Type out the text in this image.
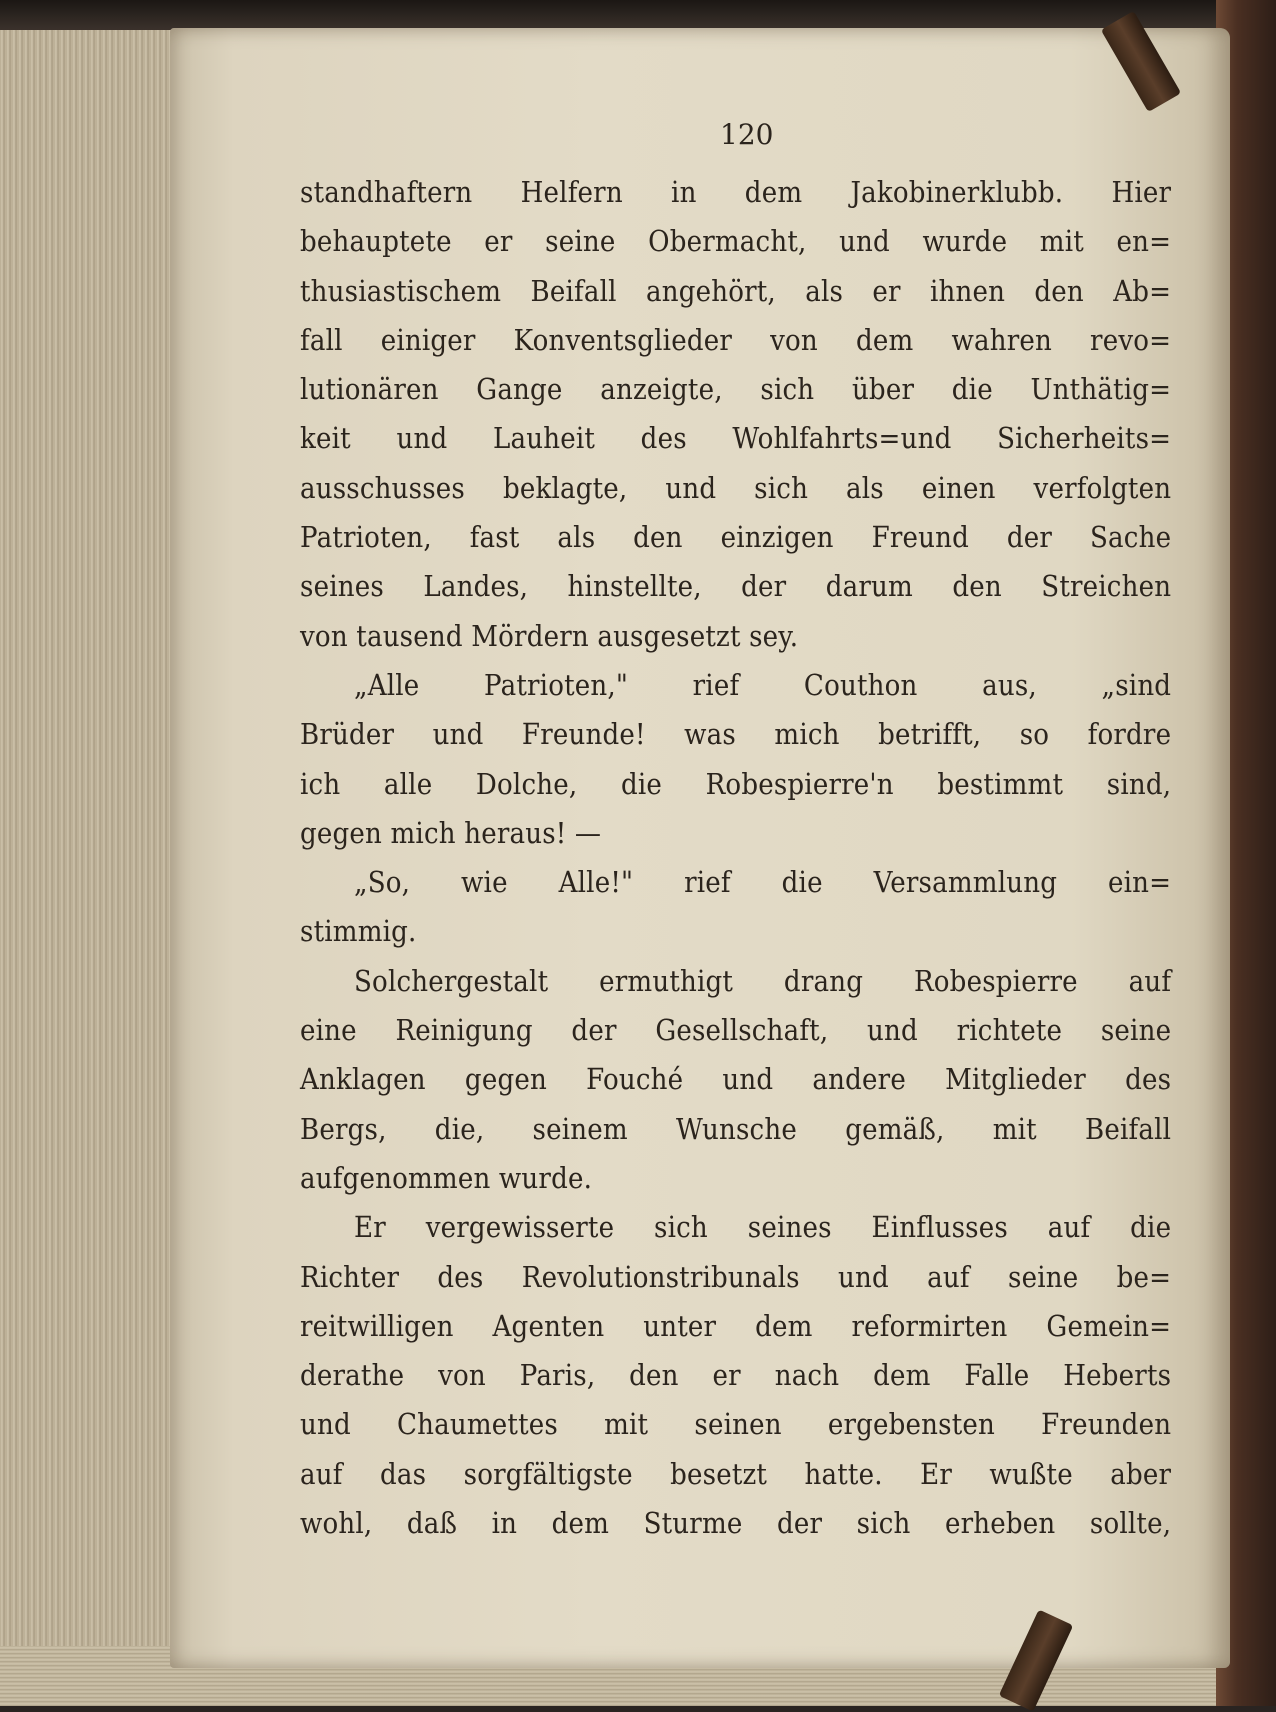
120
standhaftern Helfern in dem Jakobinerklubb. Hier
behauptete er seine Obermacht, und wurde mit en=
thusiastischem Beifall angehört, als er ihnen den Ab=
fall einiger Konventsglieder von dem wahren revo=
lutionären Gange anzeigte, sich über die Unthätig=
keit und Lauheit des Wohlfahrts=und Sicherheits=
ausschusses beklagte, und sich als einen verfolgten
Patrioten, fast als den einzigen Freund der Sache
seines Landes, hinstellte, der darum den Streichen
von tausend Mördern ausgesetzt sey.
„Alle Patrioten," rief Couthon aus, „sind
Brüder und Freunde! was mich betrifft, so fordre
ich alle Dolche, die Robespierre'n bestimmt sind,
gegen mich heraus! —
„So, wie Alle!" rief die Versammlung ein=
stimmig.
Solchergestalt ermuthigt drang Robespierre auf
eine Reinigung der Gesellschaft, und richtete seine
Anklagen gegen Fouché und andere Mitglieder des
Bergs, die, seinem Wunsche gemäß, mit Beifall
aufgenommen wurde.
Er vergewisserte sich seines Einflusses auf die
Richter des Revolutionstribunals und auf seine be=
reitwilligen Agenten unter dem reformirten Gemein=
derathe von Paris, den er nach dem Falle Heberts
und Chaumettes mit seinen ergebensten Freunden
auf das sorgfältigste besetzt hatte. Er wußte aber
wohl, daß in dem Sturme der sich erheben sollte,
